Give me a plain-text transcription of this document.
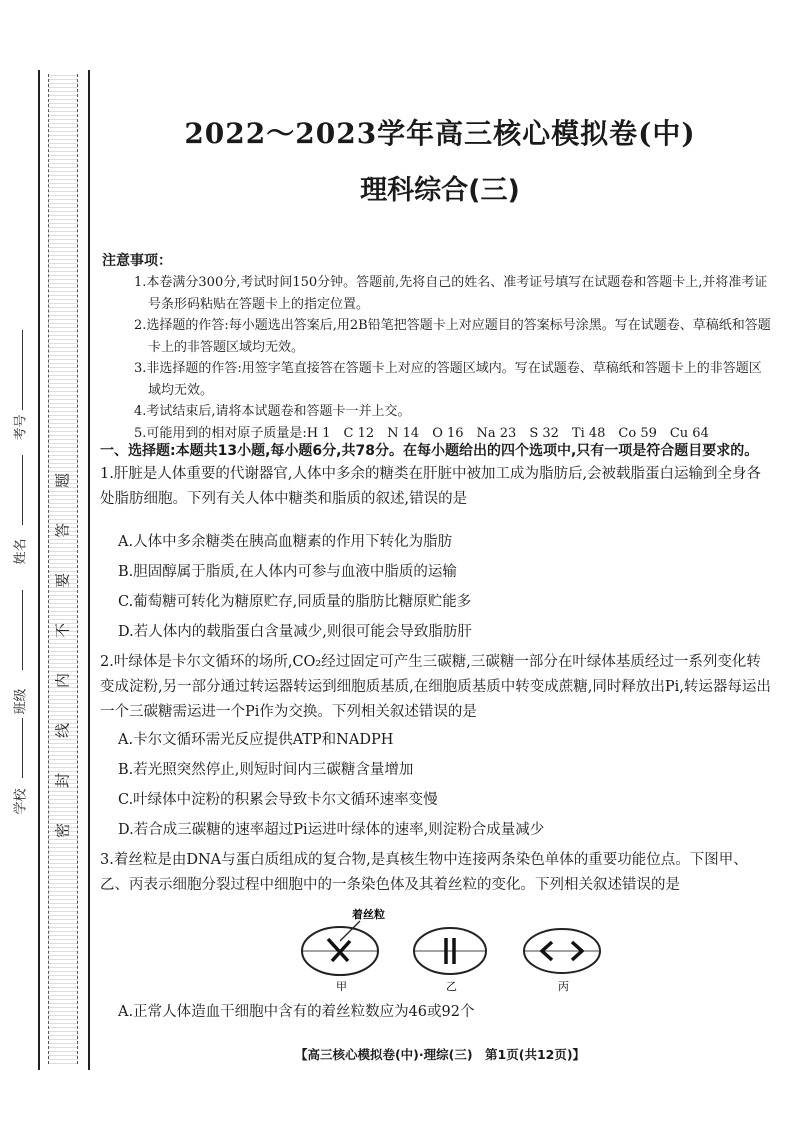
题
答
要
不
内
线
封
密
考号
姓名
班级
学校
2022～2023学年高三核心模拟卷(中)
理科综合(三)
注意事项：
1.本卷满分300分,考试时间150分钟。答题前,先将自己的姓名、准考证号填写在试题卷和答题卡上,并将准考证号条形码粘贴在答题卡上的指定位置。
2.选择题的作答:每小题选出答案后,用2B铅笔把答题卡上对应题目的答案标号涂黑。写在试题卷、草稿纸和答题卡上的非答题区域均无效。
3.非选择题的作答:用签字笔直接答在答题卡上对应的答题区域内。写在试题卷、草稿纸和答题卡上的非答题区域均无效。
4.考试结束后,请将本试题卷和答题卡一并上交。
5.可能用到的相对原子质量是:H 1　C 12　N 14　O 16　Na 23　S 32　Ti 48　Co 59　Cu 64
一、选择题:本题共13小题,每小题6分,共78分。在每小题给出的四个选项中,只有一项是符合题目要求的。
1.肝脏是人体重要的代谢器官,人体中多余的糖类在肝脏中被加工成为脂肪后,会被载脂蛋白运输到全身各处脂肪细胞。下列有关人体中糖类和脂质的叙述,错误的是
A.人体中多余糖类在胰高血糖素的作用下转化为脂肪
B.胆固醇属于脂质,在人体内可参与血液中脂质的运输
C.葡萄糖可转化为糖原贮存,同质量的脂肪比糖原贮能多
D.若人体内的载脂蛋白含量减少,则很可能会导致脂肪肝
2.叶绿体是卡尔文循环的场所,CO₂经过固定可产生三碳糖,三碳糖一部分在叶绿体基质经过一系列变化转变成淀粉,另一部分通过转运器转运到细胞质基质,在细胞质基质中转变成蔗糖,同时释放出Pi,转运器每运出一个三碳糖需运进一个Pi作为交换。下列相关叙述错误的是
A.卡尔文循环需光反应提供ATP和NADPH
B.若光照突然停止,则短时间内三碳糖含量增加
C.叶绿体中淀粉的积累会导致卡尔文循环速率变慢
D.若合成三碳糖的速率超过Pi运进叶绿体的速率,则淀粉合成量减少
3.着丝粒是由DNA与蛋白质组成的复合物,是真核生物中连接两条染色单体的重要功能位点。下图甲、乙、丙表示细胞分裂过程中细胞中的一条染色体及其着丝粒的变化。下列相关叙述错误的是
着丝粒
甲	乙	丙
A.正常人体造血干细胞中含有的着丝粒数应为46或92个
【高三核心模拟卷(中)·理综(三)　第1页(共12页)】
